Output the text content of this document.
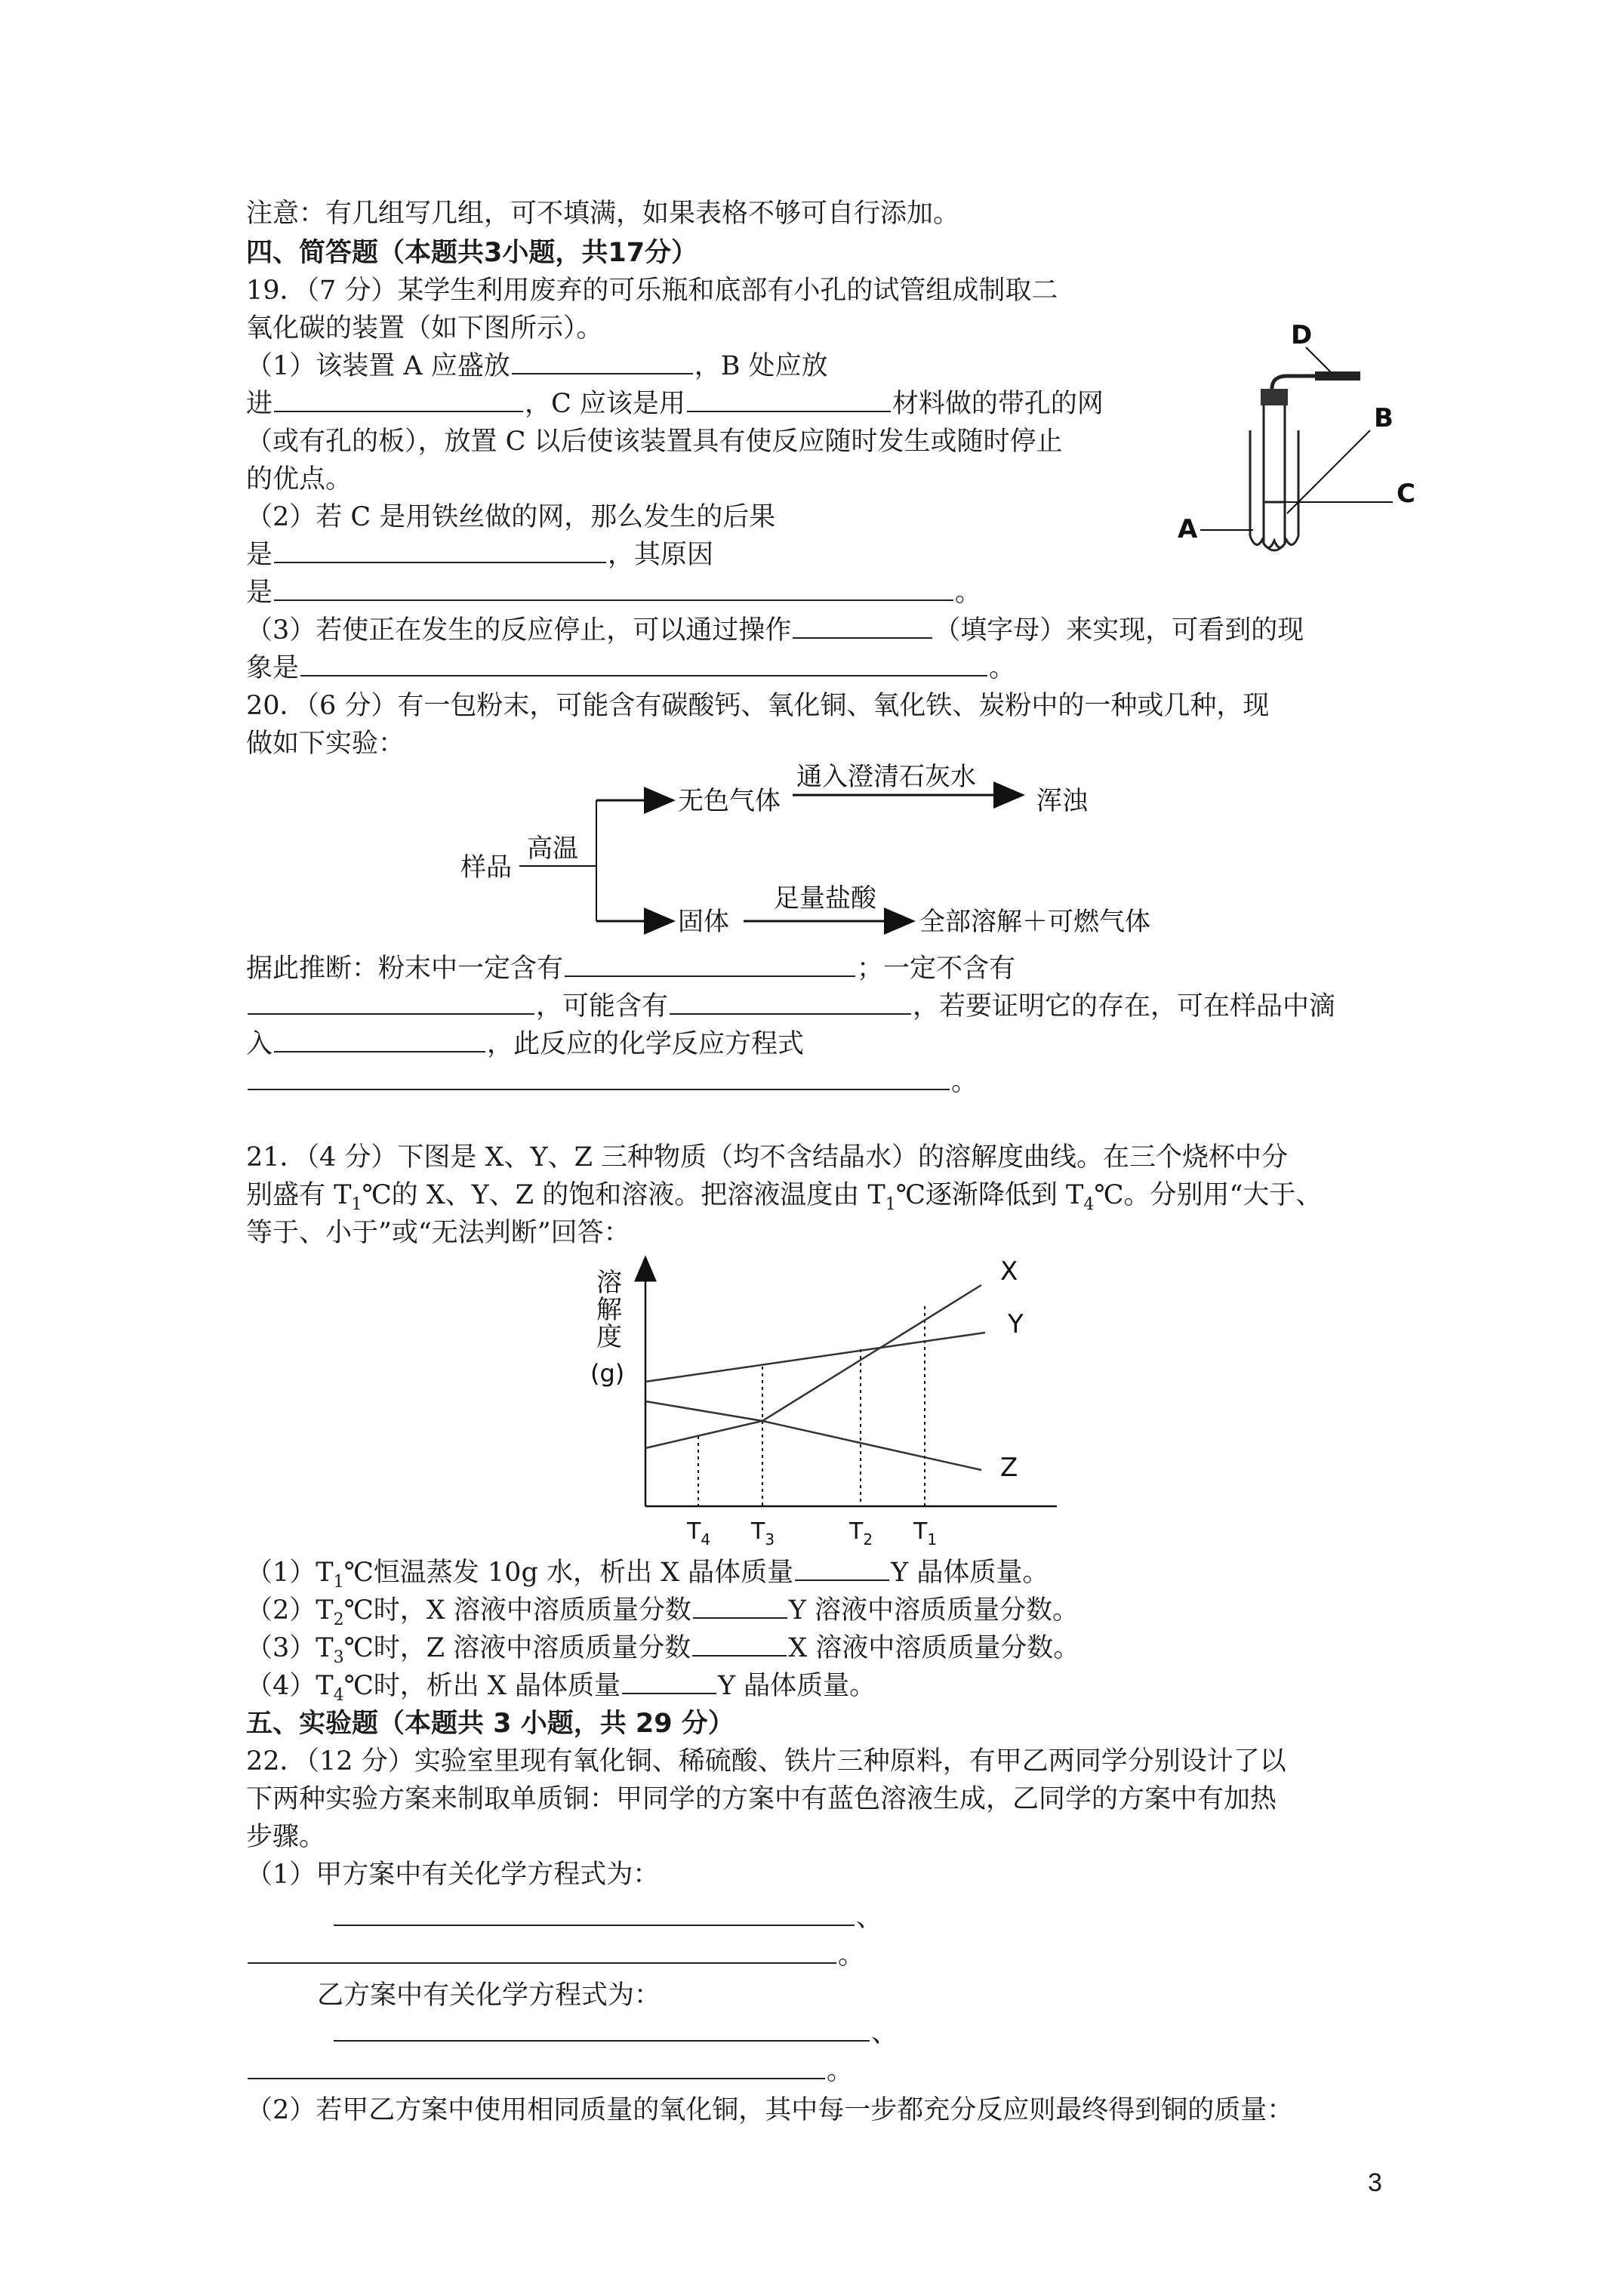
注意：有几组写几组，可不填满，如果表格不够可自行添加。
四、简答题（本题共3小题，共17分）
19．（7 分）某学生利用废弃的可乐瓶和底部有小孔的试管组成制取二
氧化碳的装置（如下图所示）。
（1）该装置 A 应盛放	，B 处应放
进	，C 应该是用	材料做的带孔的网
（或有孔的板），放置 C 以后使该装置具有使反应随时发生或随时停止
的优点。
（2）若 C 是用铁丝做的网，那么发生的后果
是	，其原因
是	。
（3）若使正在发生的反应停止，可以通过操作	（填字母）来实现，可看到的现
象是	。
D
B
C
A
20．（6 分）有一包粉末，可能含有碳酸钙、氧化铜、氧化铁、炭粉中的一种或几种，现
做如下实验：
样品
高温
无色气体
通入澄清石灰水
浑浊
固体
足量盐酸
全部溶解＋可燃气体
据此推断：粉末中一定含有	；一定不含有
，可能含有	，若要证明它的存在，可在样品中滴
入	，此反应的化学反应方程式
。
21．（4 分）下图是 X、Y、Z 三种物质（均不含结晶水）的溶解度曲线。在三个烧杯中分
别盛有 $T_1℃$的 X、Y、Z 的饱和溶液。把溶液温度由 $T_1℃$逐渐降低到 $T_4℃$。分别用“大于、
等于、小于”或“无法判断”回答：
溶
解
度
(g)
X
Y
Z
$T_4$ $T_3$	$T_2$ $T_1$
$(1)T_1℃$恒温蒸发 10g 水，析出 X 晶体质量	Y 晶体质量。
$(2)T_2℃$时，X 溶液中溶质质量分数	Y 溶液中溶质质量分数。
$(3)T_3℃$时，Z 溶液中溶质质量分数	X 溶液中溶质质量分数。
$(4)T_4℃$时，析出 X 晶体质量	Y 晶体质量。
五、实验题（本题共 3 小题，共 29 分）
22．（12 分）实验室里现有氧化铜、稀硫酸、铁片三种原料，有甲乙两同学分别设计了以
下两种实验方案来制取单质铜：甲同学的方案中有蓝色溶液生成，乙同学的方案中有加热
步骤。
（1）甲方案中有关化学方程式为：
、
。
乙方案中有关化学方程式为：
、
。
（2）若甲乙方案中使用相同质量的氧化铜，其中每一步都充分反应则最终得到铜的质量：
3
